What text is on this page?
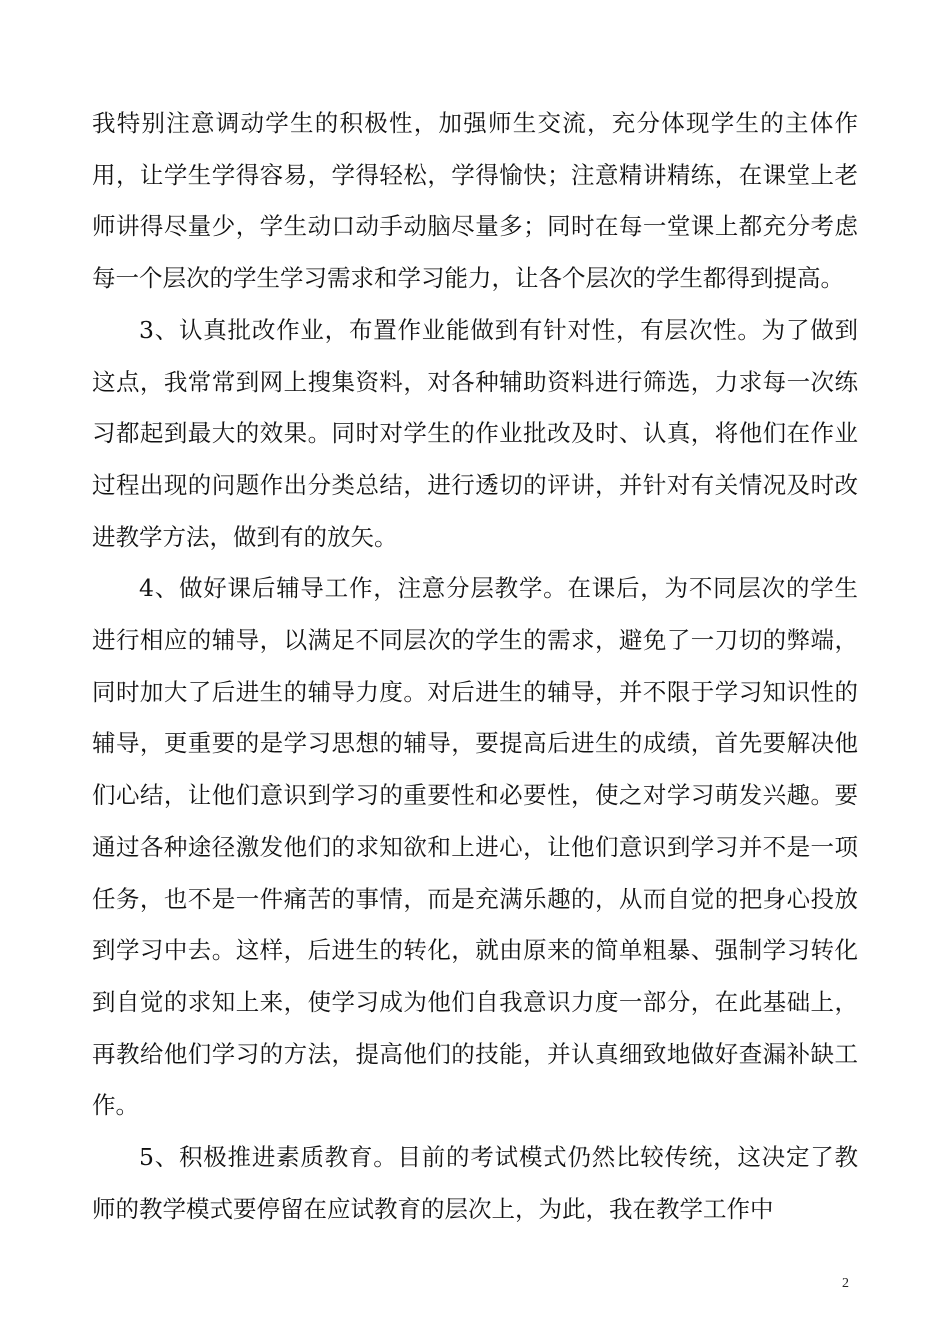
我特别注意调动学生的积极性，加强师生交流，充分体现学生的主体作用，让学生学得容易，学得轻松，学得愉快；注意精讲精练，在课堂上老师讲得尽量少，学生动口动手动脑尽量多；同时在每一堂课上都充分考虑每一个层次的学生学习需求和学习能力，让各个层次的学生都得到提高。

3、认真批改作业，布置作业能做到有针对性，有层次性。为了做到这点，我常常到网上搜集资料，对各种辅助资料进行筛选，力求每一次练习都起到最大的效果。同时对学生的作业批改及时、认真，将他们在作业过程出现的问题作出分类总结，进行透切的评讲，并针对有关情况及时改进教学方法，做到有的放矢。

4、做好课后辅导工作，注意分层教学。在课后，为不同层次的学生进行相应的辅导，以满足不同层次的学生的需求，避免了一刀切的弊端，同时加大了后进生的辅导力度。对后进生的辅导，并不限于学习知识性的辅导，更重要的是学习思想的辅导，要提高后进生的成绩，首先要解决他们心结，让他们意识到学习的重要性和必要性，使之对学习萌发兴趣。要通过各种途径激发他们的求知欲和上进心，让他们意识到学习并不是一项任务，也不是一件痛苦的事情，而是充满乐趣的，从而自觉的把身心投放到学习中去。这样，后进生的转化，就由原来的简单粗暴、强制学习转化到自觉的求知上来，使学习成为他们自我意识力度一部分，在此基础上，再教给他们学习的方法，提高他们的技能，并认真细致地做好查漏补缺工作。

5、积极推进素质教育。目前的考试模式仍然比较传统，这决定了教师的教学模式要停留在应试教育的层次上，为此，我在教学工作中

2
